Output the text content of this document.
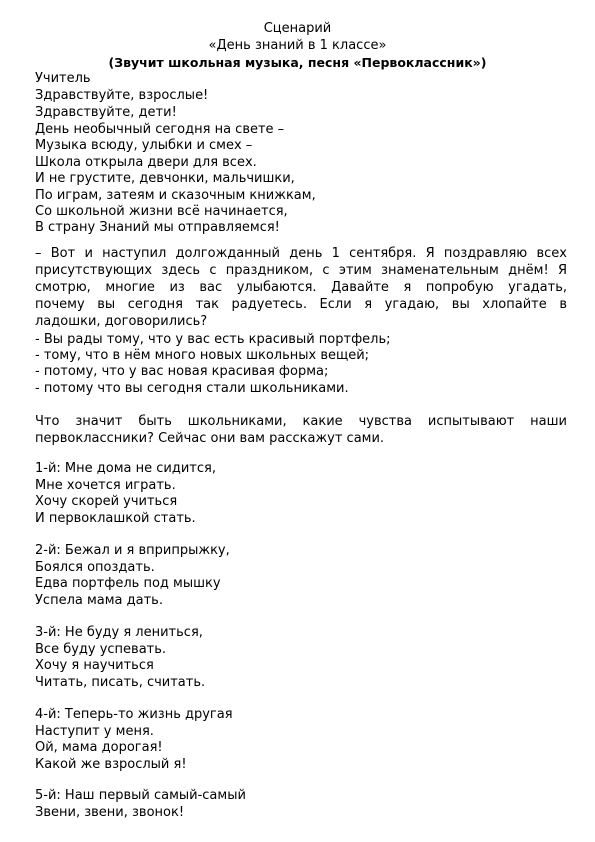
Сценарий
«День знаний в 1 классе»
(Звучит школьная музыка, песня «Первоклассник»)
Учитель
Здравствуйте, взрослые!
Здравствуйте, дети!
День необычный сегодня на свете –
Музыка всюду, улыбки и смех –
Школа открыла двери для всех.
И не грустите, девчонки, мальчишки,
По играм, затеям и сказочным книжкам,
Со школьной жизни всё начинается,
В страну Знаний мы отправляемся!
– Вот и наступил долгожданный день 1 сентября. Я поздравляю всех
присутствующих здесь с праздником, с этим знаменательным днём! Я
смотрю, многие из вас улыбаются. Давайте я попробую угадать,
почему вы сегодня так радуетесь. Если я угадаю, вы хлопайте в
ладошки, договорились?
- Вы рады тому, что у вас есть красивый портфель;
- тому, что в нём много новых школьных вещей;
- потому, что у вас новая красивая форма;
- потому что вы сегодня стали школьниками.
Что значит быть школьниками, какие чувства испытывают наши
первоклассники? Сейчас они вам расскажут сами.
1-й: Мне дома не сидится,
Мне хочется играть.
Хочу скорей учиться
И первоклашкой стать.
2-й: Бежал и я вприпрыжку,
Боялся опоздать.
Едва портфель под мышку
Успела мама дать.
3-й: Не буду я лениться,
Все буду успевать.
Хочу я научиться
Читать, писать, считать.
4-й: Теперь-то жизнь другая
Наступит у меня.
Ой, мама дорогая!
Какой же взрослый я!
5-й: Наш первый самый-самый
Звени, звени, звонок!
